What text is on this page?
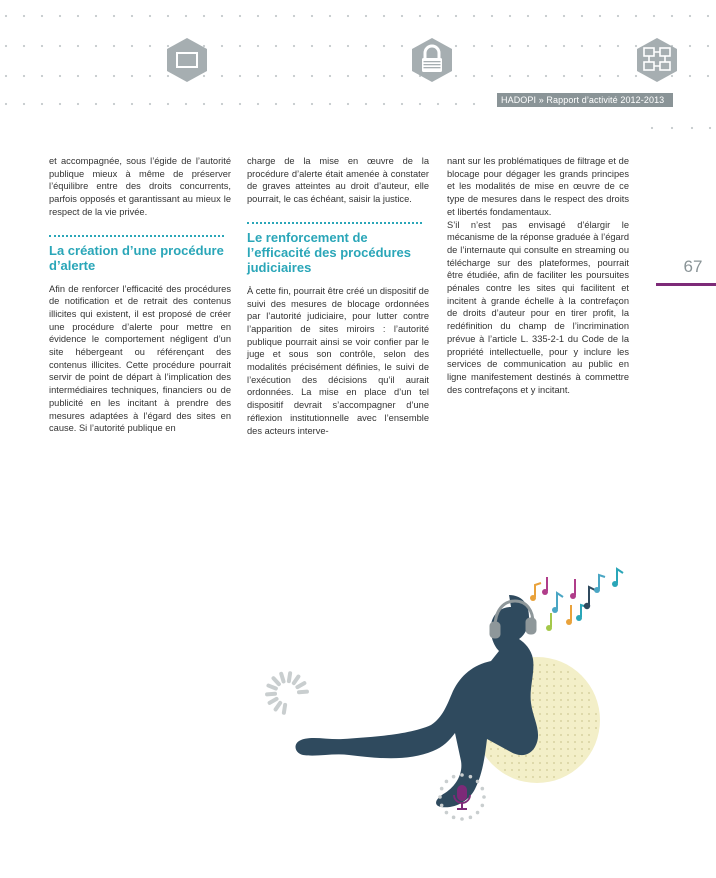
HADOPI » Rapport d’activité 2012-2013
67

et accompagnée, sous l’égide de l’autorité publique mieux à même de préserver l’équilibre entre des droits concurrents, parfois opposés et garantissant au mieux le respect de la vie privée.

La création d’une procédure d’alerte

Afin de renforcer l’efficacité des procédures de notification et de retrait des contenus illicites qui existent, il est proposé de créer une procédure d’alerte pour mettre en évidence le comportement négligent d’un site hébergeant ou référençant des contenus illicites. Cette procédure pourrait servir de point de départ à l’implication des intermédiaires techniques, financiers ou de publicité en les incitant à prendre des mesures adaptées à l’égard des sites en cause. Si l’autorité publique en

charge de la mise en œuvre de la procédure d’alerte était amenée à constater de graves atteintes au droit d’auteur, elle pourrait, le cas échéant, saisir la justice.

Le renforcement de l’efficacité des procédures judiciaires

À cette fin, pourrait être créé un dispositif de suivi des mesures de blocage ordonnées par l’autorité judiciaire, pour lutter contre l’apparition de sites miroirs : l’autorité publique pourrait ainsi se voir confier par le juge et sous son contrôle, selon des modalités précisément définies, le suivi de l’exécution des décisions qu’il aurait ordonnées. La mise en place d’un tel dispositif devrait s’accompagner d’une réflexion institutionnelle avec l’ensemble des acteurs interve-

nant sur les problématiques de filtrage et de blocage pour dégager les grands principes et les modalités de mise en œuvre de ce type de mesures dans le respect des droits et libertés fondamentaux.

S’il n’est pas envisagé d’élargir le mécanisme de la réponse graduée à l’égard de l’internaute qui consulte en streaming ou télécharge sur des plateformes, pourrait être étudiée, afin de faciliter les poursuites pénales contre les sites qui facilitent et incitent à grande échelle à la contrefaçon de droits d’auteur pour en tirer profit, la redéfinition du champ de l’incrimination prévue à l’article L. 335-2-1 du Code de la propriété intellectuelle, pour y inclure les services de communication au public en ligne manifestement destinés à commettre des contrefaçons et y incitant.
